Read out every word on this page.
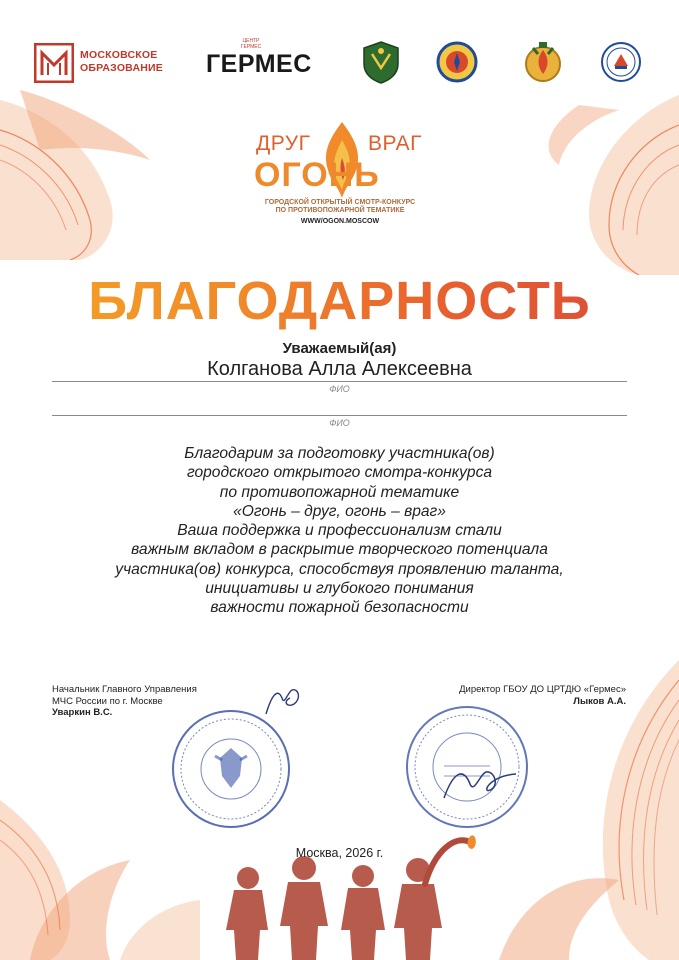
МОСКОВСКОЕ
ОБРАЗОВАНИЕ
ЦЕНТР ГЕРМЕС
ГЕРМЕС
ДРУГ	ВРАГ
ОГОНЬ
ГОРОДСКОЙ ОТКРЫТЫЙ СМОТР-КОНКУРС
ПО ПРОТИВОПОЖАРНОЙ ТЕМАТИКЕ
WWW/OGON.MOSCOW
БЛАГОДАРНОСТЬ
Уважаемый(ая)
Колганова Алла Алексеевна
ФИО
ФИО
Благодарим за подготовку участника(ов)
городского открытого смотра-конкурса
по противопожарной тематике
«Огонь – друг, огонь – враг»
Ваша поддержка и профессионализм стали
важным вкладом в раскрытие творческого потенциала
участника(ов) конкурса, способствуя проявлению таланта,
инициативы и глубокого понимания
важности пожарной безопасности
Начальник Главного Управления
МЧС России по г. Москве
Уваркин В.С.
Директор ГБОУ ДО ЦРТДЮ «Гермес»
Лыков А.А.
Москва, 2026 г.
